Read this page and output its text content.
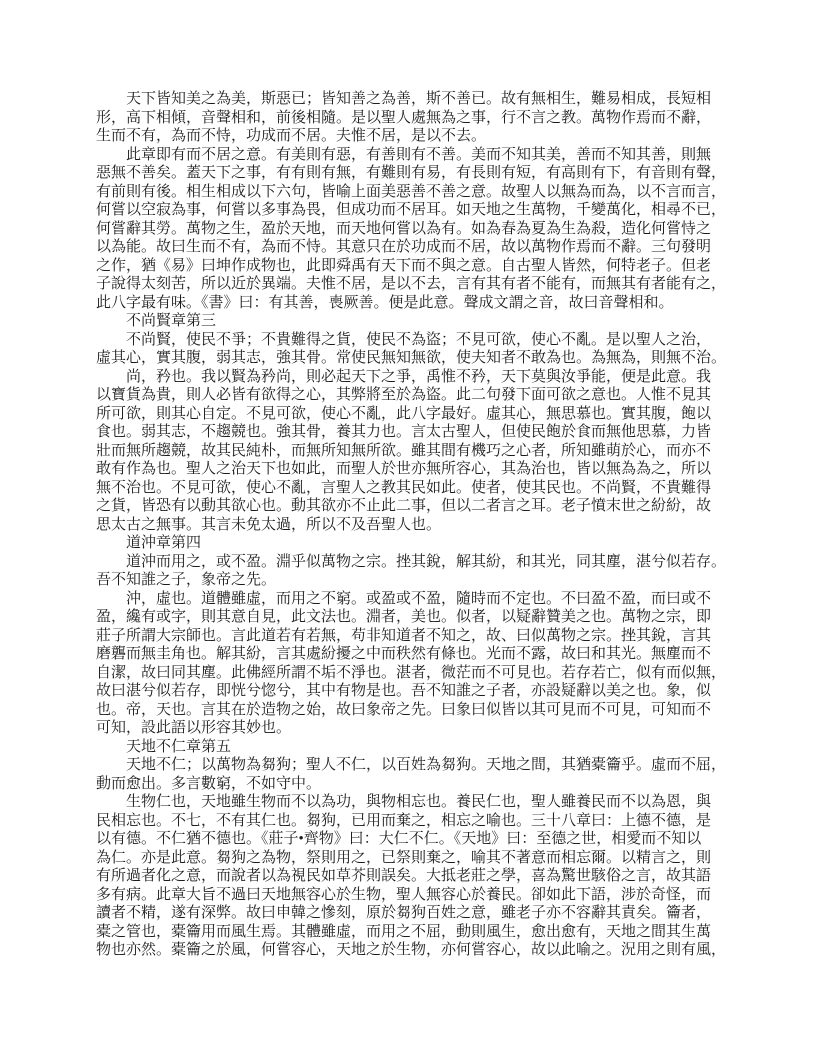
天下皆知美之為美，斯惡已；皆知善之為善，斯不善已。故有無相生，難易相成，長短相
形，高下相傾，音聲相和，前後相隨。是以聖人處無為之事，行不言之教。萬物作焉而不辭，
生而不有，為而不恃，功成而不居。夫惟不居，是以不去。
此章即有而不居之意。有美則有惡，有善則有不善。美而不知其美，善而不知其善，則無
惡無不善矣。蓋天下之事，有有則有無，有難則有易，有長則有短，有高則有下，有音則有聲，
有前則有後。相生相成以下六句，皆喻上面美惡善不善之意。故聖人以無為而為，以不言而言，
何嘗以空寂為事，何嘗以多事為畏，但成功而不居耳。如天地之生萬物，千變萬化，相尋不已，
何嘗辭其勞。萬物之生，盈於天地，而天地何嘗以為有。如為春為夏為生為殺，造化何嘗恃之
以為能。故曰生而不有，為而不恃。其意只在於功成而不居，故以萬物作焉而不辭。三句發明
之作，猶《易》曰坤作成物也，此即舜禹有天下而不與之意。自古聖人皆然，何特老子。但老
子說得太刻苦，所以近於異端。夫惟不居，是以不去，言有其有者不能有，而無其有者能有之，
此八字最有味。《書》曰：有其善，喪厥善。便是此意。聲成文謂之音，故曰音聲相和。
不尚賢章第三
不尚賢，使民不爭；不貴難得之貨，使民不為盜；不見可欲，使心不亂。是以聖人之治，
虛其心，實其腹，弱其志，強其骨。常使民無知無欲，使夫知者不敢為也。為無為，則無不治。
尚，矜也。我以賢為矜尚，則必起天下之爭，禹惟不矜，天下莫與汝爭能，便是此意。我
以寶貨為貴，則人必皆有欲得之心，其弊將至於為盜。此二句發下面可欲之意也。人惟不見其
所可欲，則其心自定。不見可欲，使心不亂，此八字最好。虛其心，無思慕也。實其腹，飽以
食也。弱其志，不趨競也。強其骨，養其力也。言太古聖人，但使民飽於食而無他思慕，力皆
壯而無所趨競，故其民純朴，而無所知無所欲。雖其間有機巧之心者，所知雖萌於心，而亦不
敢有作為也。聖人之治天下也如此，而聖人於世亦無所容心，其為治也，皆以無為為之，所以
無不治也。不見可欲，使心不亂，言聖人之教其民如此。使者，使其民也。不尚賢，不貴難得
之貨，皆恐有以動其欲心也。動其欲亦不止此二事，但以二者言之耳。老子憤末世之紛紛，故
思太古之無事。其言未免太過，所以不及吾聖人也。
道沖章第四
道沖而用之，或不盈。淵乎似萬物之宗。挫其銳，解其紛，和其光，同其塵，湛兮似若存。
吾不知誰之子，象帝之先。
沖，虛也。道體雖虛，而用之不窮。或盈或不盈，隨時而不定也。不曰盈不盈，而曰或不
盈，纔有或字，則其意自見，此文法也。淵者，美也。似者，以疑辭贊美之也。萬物之宗，即
莊子所謂大宗師也。言此道若有若無，苟非知道者不知之，故、曰似萬物之宗。挫其銳，言其
磨礱而無圭角也。解其紛，言其處紛擾之中而秩然有條也。光而不露，故曰和其光。無塵而不
自潔，故曰同其塵。此佛經所謂不垢不淨也。湛者，微茫而不可見也。若存若亡，似有而似無，
故曰湛兮似若存，即恍兮惚兮，其中有物是也。吾不知誰之子者，亦設疑辭以美之也。象，似
也。帝，天也。言其在於造物之始，故曰象帝之先。曰象曰似皆以其可見而不可見，可知而不
可知，設此語以形容其妙也。
天地不仁章第五
天地不仁；以萬物為芻狗；聖人不仁，以百姓為芻狗。天地之間，其猶橐籥乎。虛而不屈，
動而愈出。多言數窮，不如守中。
生物仁也，天地雖生物而不以為功，與物相忘也。養民仁也，聖人雖養民而不以為恩，與
民相忘也。不七，不有其仁也。芻狗，已用而棄之，相忘之喻也。三十八章曰：上德不德，是
以有德。不仁猶不德也。《莊子•齊物》曰：大仁不仁。《天地》曰：至德之世，相愛而不知以
為仁。亦是此意。芻狗之為物，祭則用之，已祭則棄之，喻其不著意而相忘爾。以精言之，則
有所過者化之意，而說者以為視民如草芥則誤矣。大抵老莊之學，喜為驚世駭俗之言，故其語
多有病。此章大旨不過曰天地無容心於生物，聖人無容心於養民。卻如此下語，涉於奇怪，而
讀者不精，遂有深弊。故曰申韓之慘刻，原於芻狗百姓之意，雖老子亦不容辭其責矣。籥者，
橐之管也，橐籥用而風生焉。其體雖虛，而用之不屈，動則風生，愈出愈有，天地之間其生萬
物也亦然。橐籥之於風，何嘗容心，天地之於生物，亦何嘗容心，故以此喻之。況用之則有風，
